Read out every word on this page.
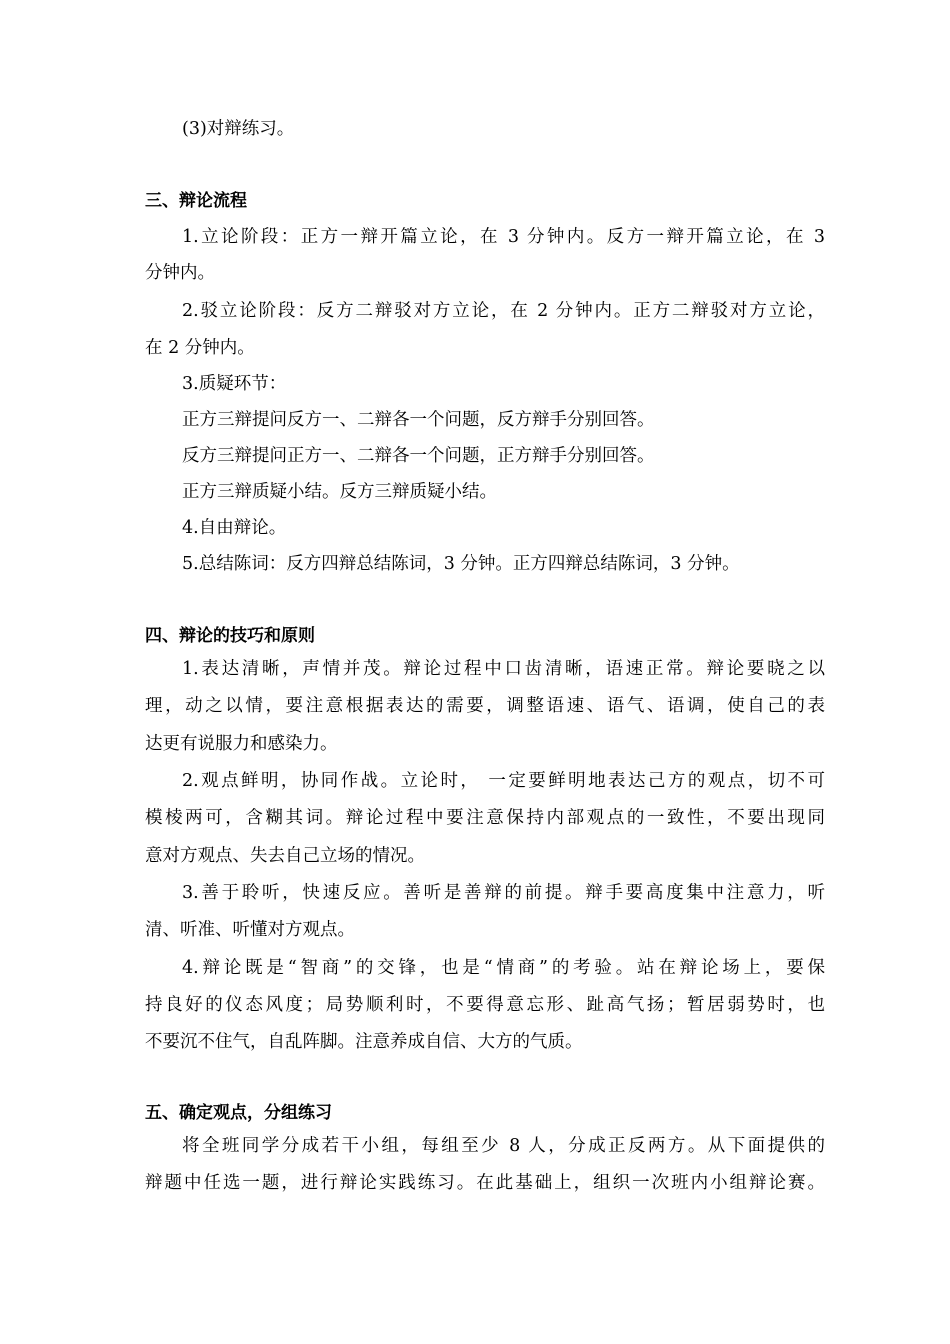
(3)对辩练习。
三、辩论流程
1.立论阶段：正方一辩开篇立论，在 3 分钟内。反方一辩开篇立论，在 3
分钟内。
2.驳立论阶段：反方二辩驳对方立论，在 2 分钟内。正方二辩驳对方立论，
在 2 分钟内。
3.质疑环节：
正方三辩提问反方一、二辩各一个问题，反方辩手分别回答。
反方三辩提问正方一、二辩各一个问题，正方辩手分别回答。
正方三辩质疑小结。反方三辩质疑小结。
4.自由辩论。
5.总结陈词：反方四辩总结陈词，3 分钟。正方四辩总结陈词，3 分钟。
四、辩论的技巧和原则
1.表达清晰，声情并茂。辩论过程中口齿清晰，语速正常。辩论要晓之以
理，动之以情，要注意根据表达的需要，调整语速、语气、语调，使自己的表
达更有说服力和感染力。
2.观点鲜明，协同作战。立论时， 一定要鲜明地表达己方的观点，切不可
模棱两可，含糊其词。辩论过程中要注意保持内部观点的一致性，不要出现同
意对方观点、失去自己立场的情况。
3.善于聆听，快速反应。善听是善辩的前提。辩手要高度集中注意力，听
清、听准、听懂对方观点。
4.辩论既是“智商”的交锋，也是“情商”的考验。站在辩论场上，要保
持良好的仪态风度；局势顺利时，不要得意忘形、趾高气扬；暂居弱势时，也
不要沉不住气，自乱阵脚。注意养成自信、大方的气质。
五、确定观点，分组练习
将全班同学分成若干小组，每组至少 8 人，分成正反两方。从下面提供的
辩题中任选一题，进行辩论实践练习。在此基础上，组织一次班内小组辩论赛。
